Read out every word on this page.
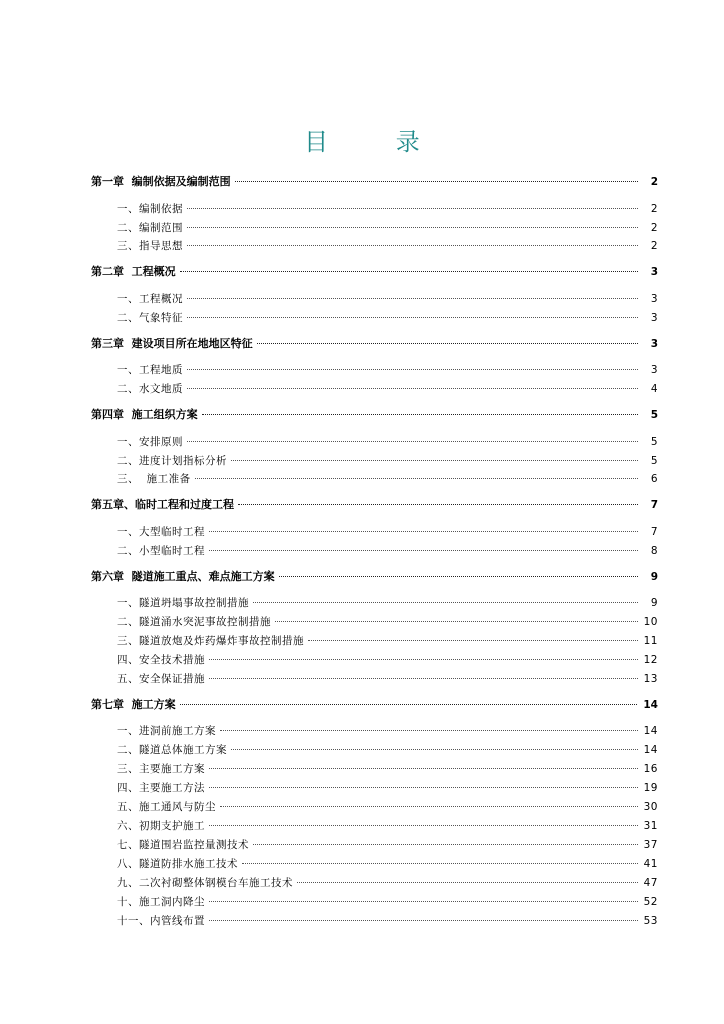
目 录
第一章  编制依据及编制范围	2
一、编制依据	2
二、编制范围	2
三、指导思想	2
第二章  工程概况	3
一、工程概况	3
二、气象特征	3
第三章  建设项目所在地地区特征	3
一、工程地质	3
二、水文地质	4
第四章  施工组织方案	5
一、安排原则	5
二、进度计划指标分析	5
三、  施工准备	6
第五章、临时工程和过度工程	7
一、大型临时工程	7
二、小型临时工程	8
第六章  隧道施工重点、难点施工方案	9
一、隧道坍塌事故控制措施	9
二、隧道涌水突泥事故控制措施	10
三、隧道放炮及炸药爆炸事故控制措施	11
四、安全技术措施	12
五、安全保证措施	13
第七章  施工方案	14
一、进洞前施工方案	14
二、隧道总体施工方案	14
三、主要施工方案	16
四、主要施工方法	19
五、施工通风与防尘	30
六、初期支护施工	31
七、隧道围岩监控量测技术	37
八、隧道防排水施工技术	41
九、二次衬砌整体钢模台车施工技术	47
十、施工洞内降尘	52
十一、内管线布置	53
